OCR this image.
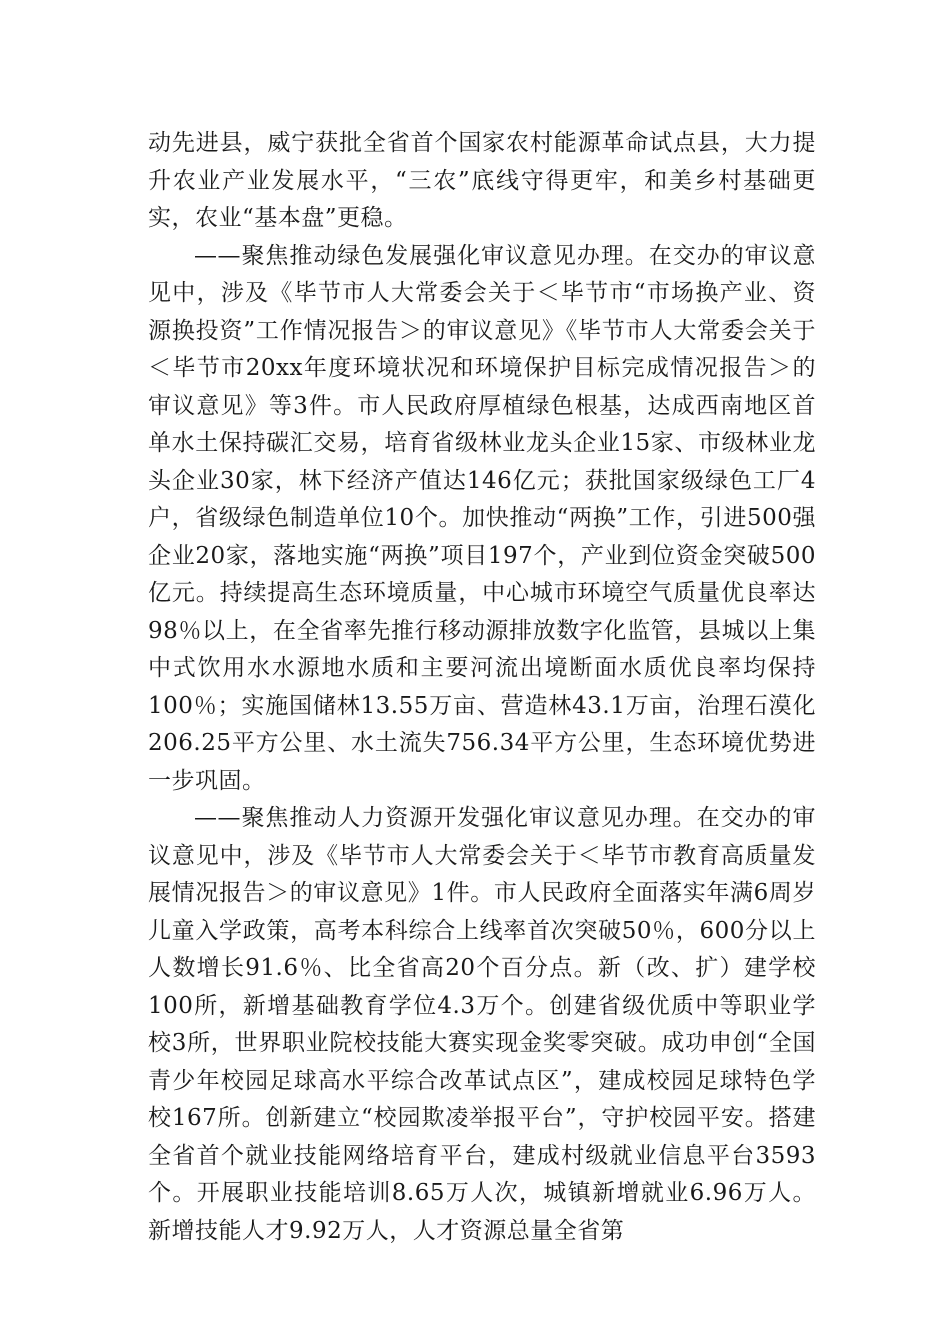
动先进县，威宁获批全省首个国家农村能源革命试点县，大力提升农业产业发展水平，“三农”底线守得更牢，和美乡村基础更实，农业“基本盘”更稳。

——聚焦推动绿色发展强化审议意见办理。在交办的审议意见中，涉及《毕节市人大常委会关于＜毕节市“市场换产业、资源换投资”工作情况报告＞的审议意见》《毕节市人大常委会关于＜毕节市20xx年度环境状况和环境保护目标完成情况报告＞的审议意见》等3件。市人民政府厚植绿色根基，达成西南地区首单水土保持碳汇交易，培育省级林业龙头企业15家、市级林业龙头企业30家，林下经济产值达146亿元；获批国家级绿色工厂4户，省级绿色制造单位10个。加快推动“两换”工作，引进500强企业20家，落地实施“两换”项目197个，产业到位资金突破500亿元。持续提高生态环境质量，中心城市环境空气质量优良率达98％以上，在全省率先推行移动源排放数字化监管，县城以上集中式饮用水水源地水质和主要河流出境断面水质优良率均保持100％；实施国储林13.55万亩、营造林43.1万亩，治理石漠化206.25平方公里、水土流失756.34平方公里，生态环境优势进一步巩固。

——聚焦推动人力资源开发强化审议意见办理。在交办的审议意见中，涉及《毕节市人大常委会关于＜毕节市教育高质量发展情况报告＞的审议意见》1件。市人民政府全面落实年满6周岁儿童入学政策，高考本科综合上线率首次突破50％，600分以上人数增长91.6％、比全省高20个百分点。新（改、扩）建学校100所，新增基础教育学位4.3万个。创建省级优质中等职业学校3所，世界职业院校技能大赛实现金奖零突破。成功申创“全国青少年校园足球高水平综合改革试点区”，建成校园足球特色学校167所。创新建立“校园欺凌举报平台”，守护校园平安。搭建全省首个就业技能网络培育平台，建成村级就业信息平台3593个。开展职业技能培训8.65万人次，城镇新增就业6.96万人。新增技能人才9.92万人，人才资源总量全省第
